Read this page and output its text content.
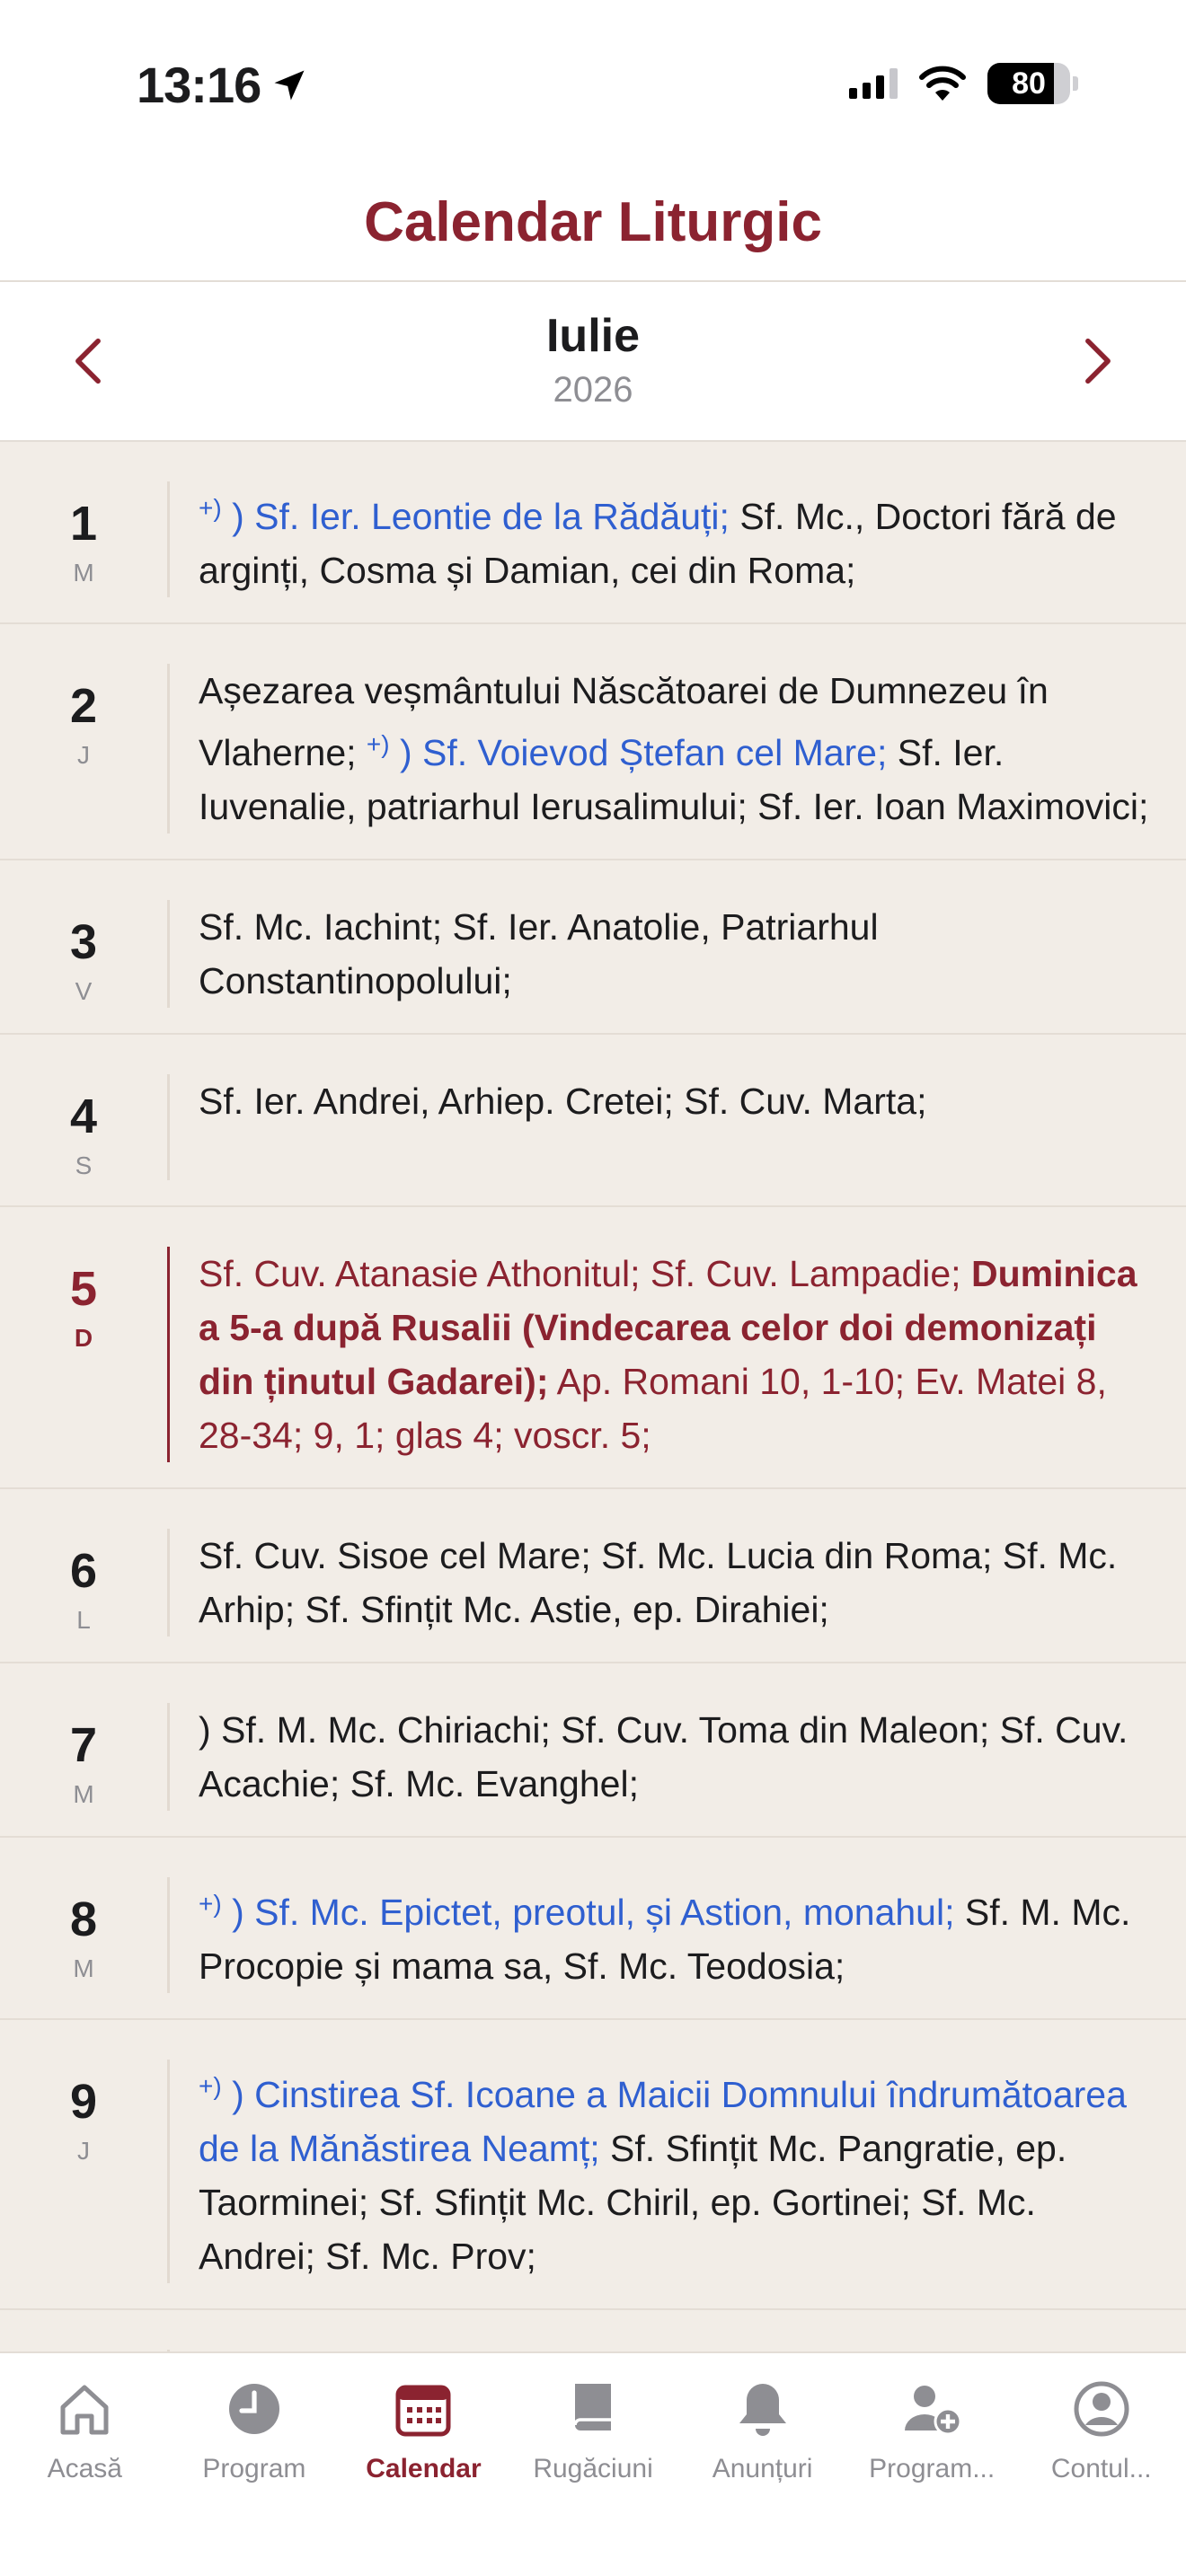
13:16	80
Calendar Liturgic
Iulie
2026
1
M
+) ) Sf. Ier. Leontie de la Rădăuți; Sf. Mc., Doctori fără de arginți, Cosma și Damian, cei din Roma;
2
J
Așezarea veșmântului Născătoarei de Dumnezeu în Vlaherne; +) ) Sf. Voievod Ștefan cel Mare; Sf. Ier. Iuvenalie, patriarhul Ierusalimului; Sf. Ier. Ioan Maximovici;
3
V
Sf. Mc. Iachint; Sf. Ier. Anatolie, Patriarhul Constantinopolului;
4
S
Sf. Ier. Andrei, Arhiep. Cretei; Sf. Cuv. Marta;
5
D
Sf. Cuv. Atanasie Athonitul; Sf. Cuv. Lampadie; Duminica a 5-a după Rusalii (Vindecarea celor doi demonizați din ținutul Gadarei); Ap. Romani 10, 1-10; Ev. Matei 8, 28-34; 9, 1; glas 4; voscr. 5;
6
L
Sf. Cuv. Sisoe cel Mare; Sf. Mc. Lucia din Roma; Sf. Mc. Arhip; Sf. Sfințit Mc. Astie, ep. Dirahiei;
7
M
) Sf. M. Mc. Chiriachi; Sf. Cuv. Toma din Maleon; Sf. Cuv. Acachie; Sf. Mc. Evanghel;
8
M
+) ) Sf. Mc. Epictet, preotul, și Astion, monahul; Sf. M. Mc. Procopie și mama sa, Sf. Mc. Teodosia;
9
J
+) ) Cinstirea Sf. Icoane a Maicii Domnului îndrumătoarea de la Mănăstirea Neamț; Sf. Sfințit Mc. Pangratie, ep. Taorminei; Sf. Sfințit Mc. Chiril, ep. Gortinei; Sf. Mc. Andrei; Sf. Mc. Prov;
Acasă	Program Calendar Rugăciuni Anunțuri Program... Contul...
